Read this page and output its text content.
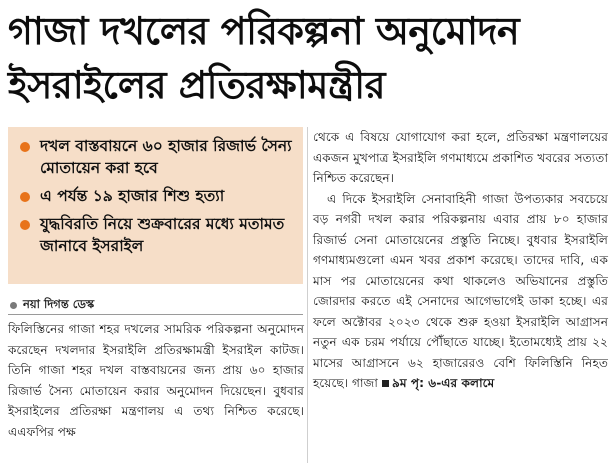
গাজা দখলের পরিকল্পনা অনুমোদন
ইসরাইলের প্রতিরক্ষামন্ত্রীর
দখল বাস্তবায়নে ৬০ হাজার রিজার্ভ সৈন্য মোতায়েন করা হবে
এ পর্যন্ত ১৯ হাজার শিশু হত্যা
যুদ্ধবিরতি নিয়ে শুক্রবারের মধ্যে মতামত জানাবে ইসরাইল
নয়া দিগন্ত ডেস্ক

ফিলিস্তিনের গাজা শহর দখলের সামরিক পরিকল্পনা অনুমোদন করেছেন দখলদার ইসরাইলি প্রতিরক্ষামন্ত্রী ইসরাইল কাটজ। তিনি গাজা শহর দখল বাস্তবায়নের জন্য প্রায় ৬০ হাজার রিজার্ভ সৈন্য মোতায়েন করার অনুমোদন দিয়েছেন। বুধবার ইসরাইলের প্রতিরক্ষা মন্ত্রণালয় এ তথ্য নিশ্চিত করেছে। এএফপির পক্ষ

থেকে এ বিষয়ে যোগাযোগ করা হলে, প্রতিরক্ষা মন্ত্রণালয়ের একজন মুখপাত্র ইসরাইলি গণমাধ্যমে প্রকাশিত খবরের সত্যতা নিশ্চিত করেছেন।

এ দিকে ইসরাইলি সেনাবাহিনী গাজা উপত্যকার সবচেয়ে বড় নগরী দখল করার পরিকল্পনায় এবার প্রায় ৮০ হাজার রিজার্ভ সেনা মোতায়েনের প্রস্তুতি নিচ্ছে। বুধবার ইসরাইলি গণমাধ্যমগুলো এমন খবর প্রকাশ করেছে। তাদের দাবি, এক মাস পর মোতায়েনের কথা থাকলেও অভিযানের প্রস্তুতি জোরদার করতে এই সেনাদের আগেভাগেই ডাকা হচ্ছে। এর ফলে অক্টোবর ২০২৩ থেকে শুরু হওয়া ইসরাইলি আগ্রাসন নতুন এক চরম পর্যায়ে পৌঁছাতে যাচ্ছে। ইতোমধ্যেই প্রায় ২২ মাসের আগ্রাসনে ৬২ হাজারেরও বেশি ফিলিস্তিনি নিহত হয়েছে। গাজা ৯ম পৃ: ৬-এর কলামে
